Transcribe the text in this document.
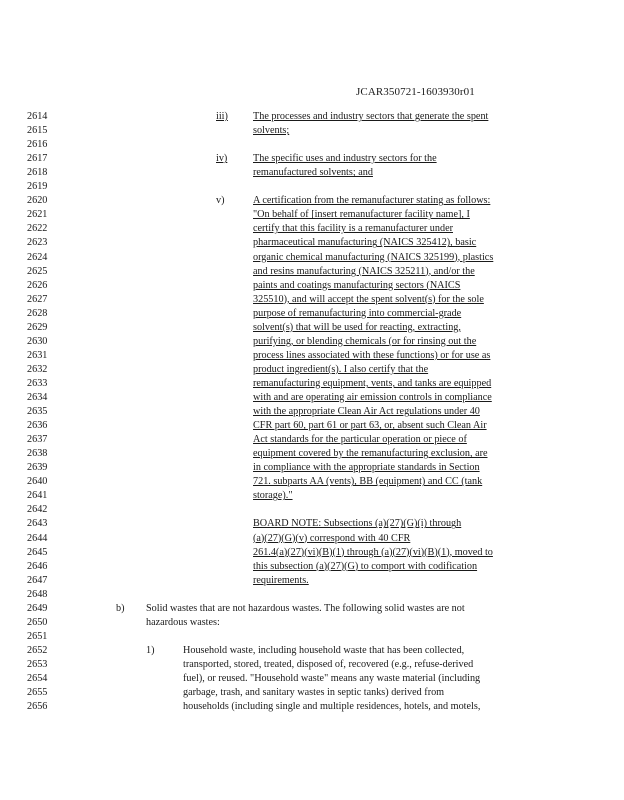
JCAR350721-1603930r01
2614	iii) The processes and industry sectors that generate the spent
2615	solvents;
2616
2617	iv)	The specific uses and industry sectors for the
2618	remanufactured solvents; and
2619
2620	v)	A certification from the remanufacturer stating as follows:
2621	"On behalf of [insert remanufacturer facility name], I
2622	certify that this facility is a remanufacturer under
2623	pharmaceutical manufacturing (NAICS 325412), basic
2624	organic chemical manufacturing (NAICS 325199), plastics
2625	and resins manufacturing (NAICS 325211), and/or the
2626	paints and coatings manufacturing sectors (NAICS
2627	325510), and will accept the spent solvent(s) for the sole
2628	purpose of remanufacturing into commercial-grade
2629	solvent(s) that will be used for reacting, extracting,
2630	purifying, or blending chemicals (or for rinsing out the
2631	process lines associated with these functions) or for use as
2632	product ingredient(s). I also certify that the
2633	remanufacturing equipment, vents, and tanks are equipped
2634	with and are operating air emission controls in compliance
2635	with the appropriate Clean Air Act regulations under 40
2636	CFR part 60, part 61 or part 63, or, absent such Clean Air
2637	Act standards for the particular operation or piece of
2638	equipment covered by the remanufacturing exclusion, are
2639	in compliance with the appropriate standards in Section
2640	721. subparts AA (vents), BB (equipment) and CC (tank
2641	storage)."
2642
2643	BOARD NOTE: Subsections (a)(27)(G)(i) through
2644	(a)(27)(G)(v) correspond with 40 CFR
2645	261.4(a)(27)(vi)(B)(1) through (a)(27)(vi)(B)(1), moved to
2646	this subsection (a)(27)(G) to comport with codification
2647	requirements.
2648
2649	b) Solid wastes that are not hazardous wastes. The following solid wastes are not
2650	hazardous wastes:
2651
2652	1)	Household waste, including household waste that has been collected,
2653	transported, stored, treated, disposed of, recovered (e.g., refuse-derived
2654	fuel), or reused. "Household waste" means any waste material (including
2655	garbage, trash, and sanitary wastes in septic tanks) derived from
2656	households (including single and multiple residences, hotels, and motels,
